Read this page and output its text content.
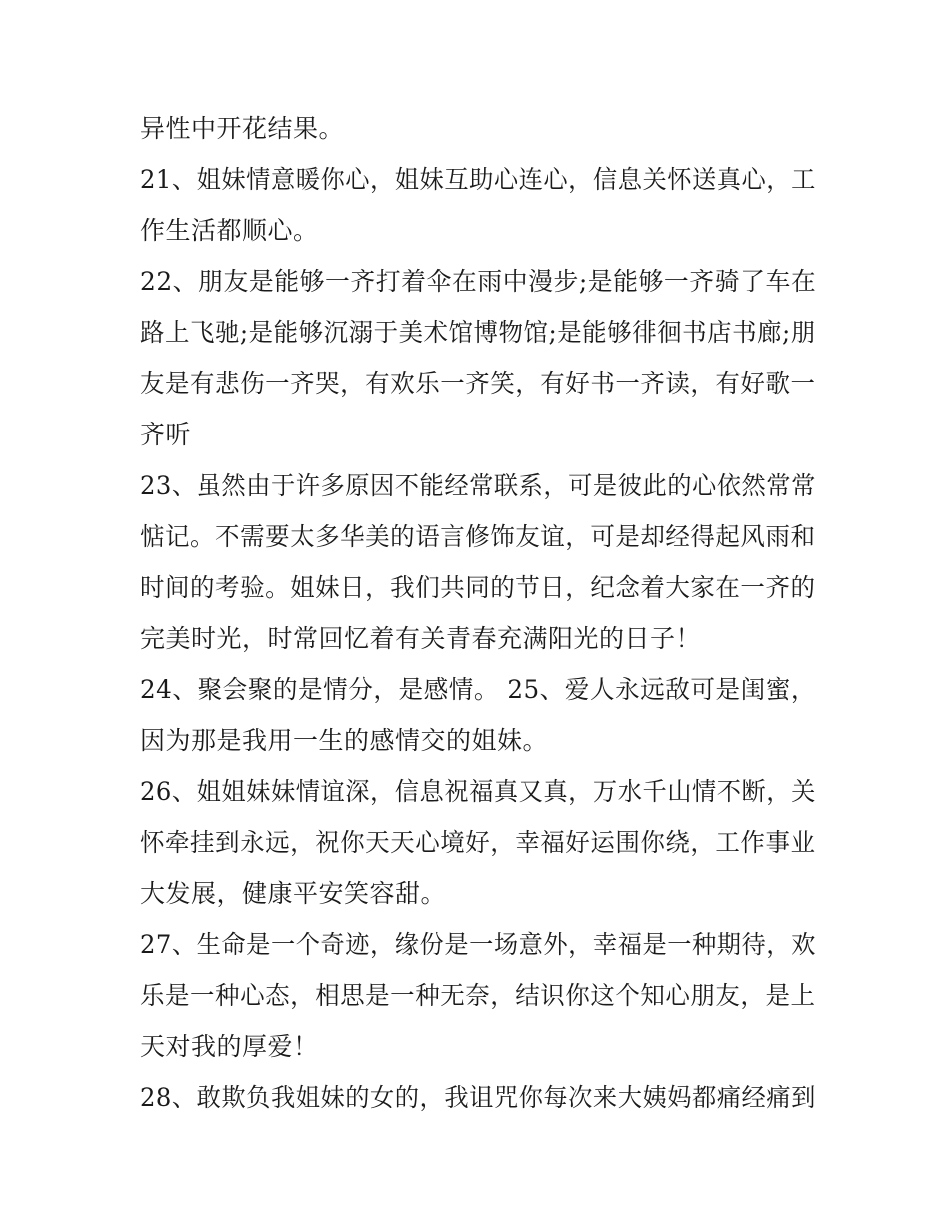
异性中开花结果。
21、姐妹情意暖你心，姐妹互助心连心，信息关怀送真心，工
作生活都顺心。
22、朋友是能够一齐打着伞在雨中漫步;是能够一齐骑了车在
路上飞驰;是能够沉溺于美术馆博物馆;是能够徘徊书店书廊;朋
友是有悲伤一齐哭，有欢乐一齐笑，有好书一齐读，有好歌一
齐听
23、虽然由于许多原因不能经常联系，可是彼此的心依然常常
惦记。不需要太多华美的语言修饰友谊，可是却经得起风雨和
时间的考验。姐妹日，我们共同的节日，纪念着大家在一齐的
完美时光，时常回忆着有关青春充满阳光的日子！
24、聚会聚的是情分，是感情。 25、爱人永远敌可是闺蜜，
因为那是我用一生的感情交的姐妹。
26、姐姐妹妹情谊深，信息祝福真又真，万水千山情不断，关
怀牵挂到永远，祝你天天心境好，幸福好运围你绕，工作事业
大发展，健康平安笑容甜。
27、生命是一个奇迹，缘份是一场意外，幸福是一种期待，欢
乐是一种心态，相思是一种无奈，结识你这个知心朋友，是上
天对我的厚爱！
28、敢欺负我姐妹的女的，我诅咒你每次来大姨妈都痛经痛到
